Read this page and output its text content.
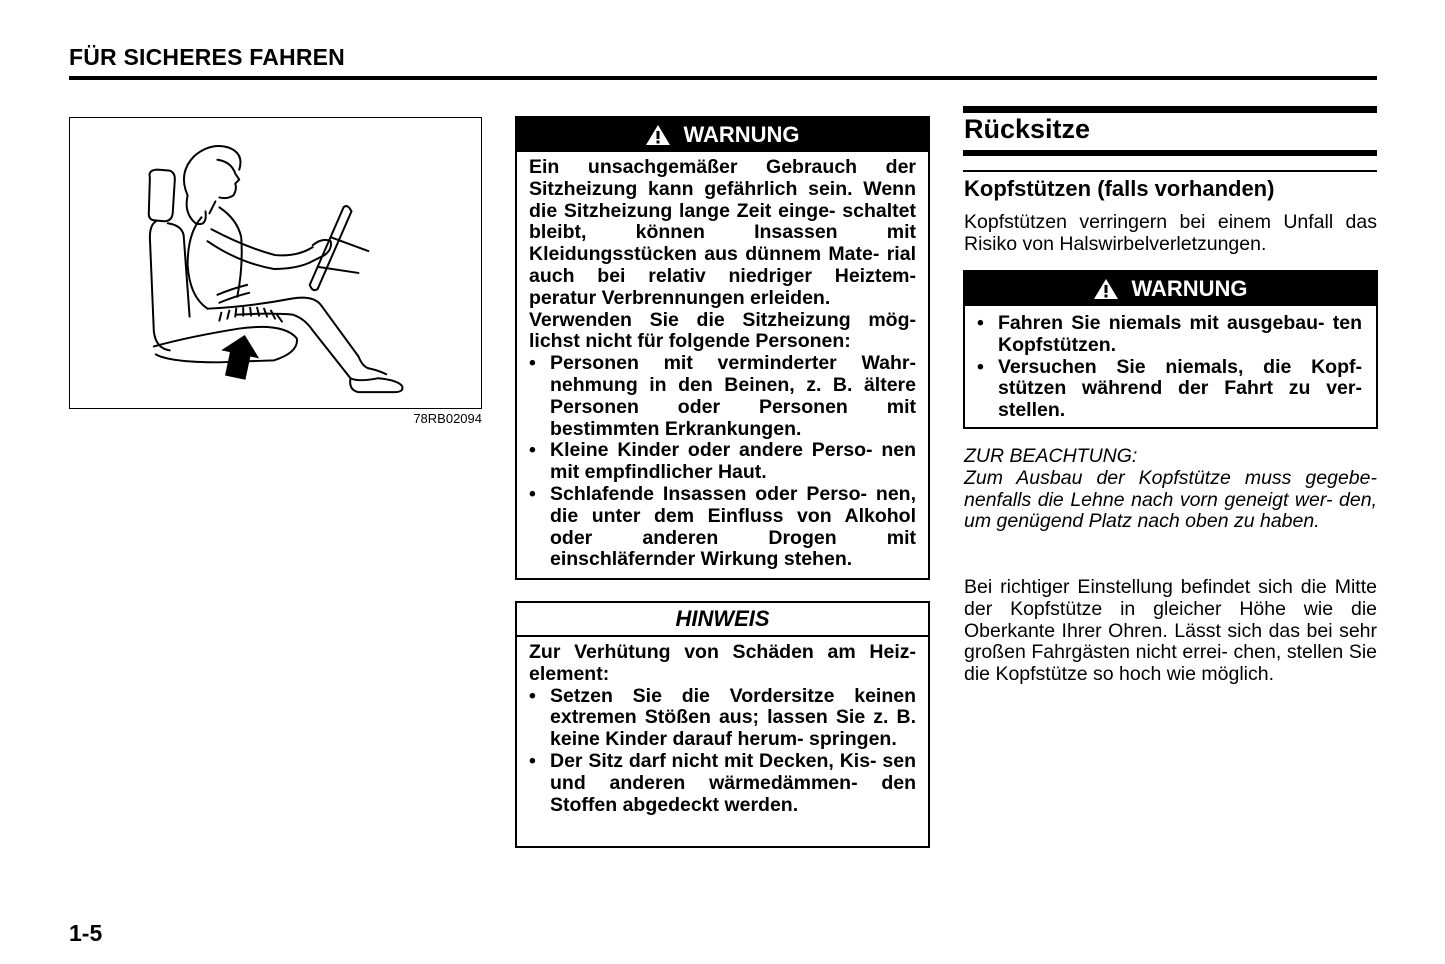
FÜR SICHERES FAHREN
78RB02094
WARNUNG

Ein unsachgemäßer Gebrauch der Sitzheizung kann gefährlich sein. Wenn die Sitzheizung lange Zeit einge- schaltet bleibt, können Insassen mit Kleidungsstücken aus dünnem Mate- rial auch bei relativ niedriger Heiztem- peratur Verbrennungen erleiden.
Verwenden Sie die Sitzheizung mög- lichst nicht für folgende Personen:

• Personen mit verminderter Wahr- nehmung in den Beinen, z. B. ältere Personen oder Personen mit bestimmten Erkrankungen.
• Kleine Kinder oder andere Perso- nen mit empfindlicher Haut.
• Schlafende Insassen oder Perso- nen, die unter dem Einfluss von Alkohol oder anderen Drogen mit einschläfernder Wirkung stehen.
HINWEIS

Zur Verhütung von Schäden am Heiz- element:

• Setzen Sie die Vordersitze keinen extremen Stößen aus; lassen Sie z. B. keine Kinder darauf herum- springen.
• Der Sitz darf nicht mit Decken, Kis- sen und anderen wärmedämmen- den Stoffen abgedeckt werden.
Rücksitze
Kopfstützen (falls vorhanden)
Kopfstützen verringern bei einem Unfall das Risiko von Halswirbelverletzungen.
WARNUNG
• Fahren Sie niemals mit ausgebau- ten Kopfstützen.
• Versuchen Sie niemals, die Kopf- stützen während der Fahrt zu ver- stellen.
ZUR BEACHTUNG:
Zum Ausbau der Kopfstütze muss gegebe- nenfalls die Lehne nach vorn geneigt wer- den, um genügend Platz nach oben zu haben.
Bei richtiger Einstellung befindet sich die Mitte der Kopfstütze in gleicher Höhe wie die Oberkante Ihrer Ohren. Lässt sich das bei sehr großen Fahrgästen nicht errei- chen, stellen Sie die Kopfstütze so hoch wie möglich.
1-5
